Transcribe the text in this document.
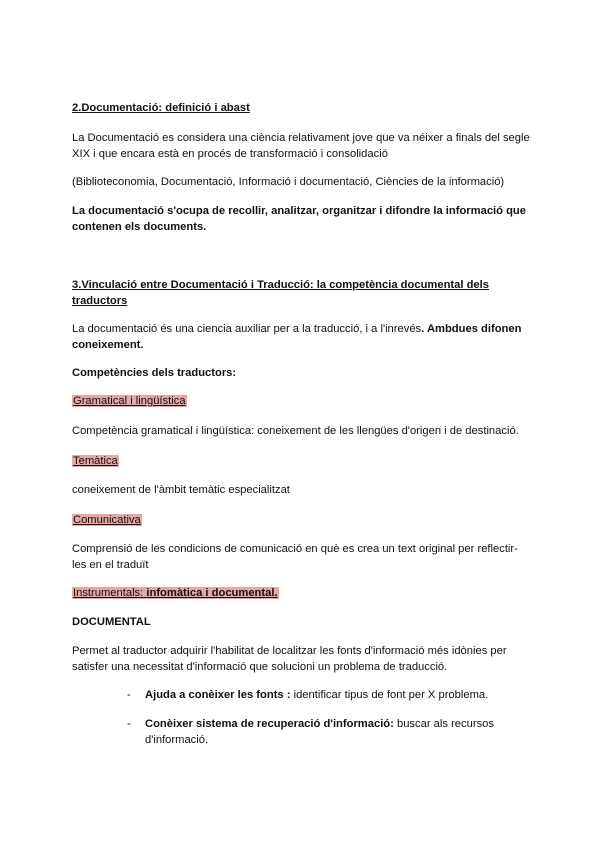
2.Documentació: definició i abast

La Documentació es considera una ciència relativament jove que va néixer a finals del segle XIX i que encara està en procés de transformació i consolidació

(Biblioteconomia, Documentació, Informació i documentació, Ciències de la informació)

La documentació s'ocupa de recollir, analitzar, organitzar i difondre la informació que contenen els documents.

3.Vinculació entre Documentació i Traducció: la competència documental dels traductors

La documentació és una ciencia auxiliar per a la traducció, i a l'inrevés. Ambdues difonen coneixement.

Competències dels traductors:

Gramatical i lingüística

Competència gramatical i lingüística: coneixement de les llengües d'origen i de destinació.

Temàtica

coneixement de l'àmbit temàtic especialitzat

Comunicativa

Comprensió de les condicions de comunicació en què es crea un text original per reflectir-les en el traduït

Instrumentals: infomàtica i documental.

DOCUMENTAL

Permet al traductor adquirir l'habilitat de localitzar les fonts d'informació més idònies per satisfer una necessitat d'informació que solucioni un problema de traducció.

- Ajuda a conèixer les fonts : identificar tipus de font per X problema.

- Conèixer sistema de recuperació d'informació: buscar als recursos d'informació.
